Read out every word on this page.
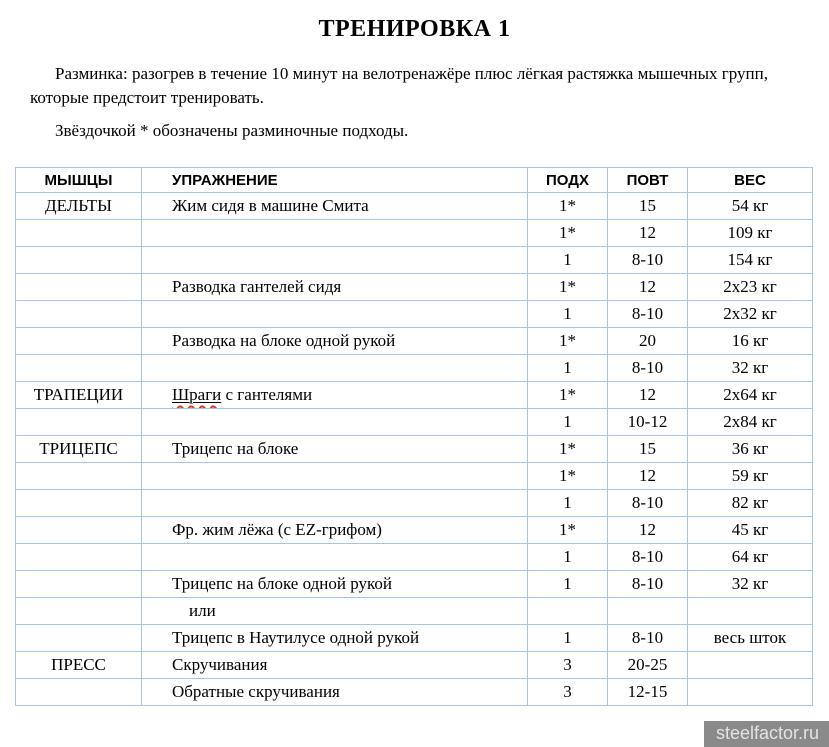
ТРЕНИРОВКА 1

Разминка: разогрев в течение 10 минут на велотренажёре плюс лёгкая растяжка мышечных групп, которые предстоит тренировать.

Звёздочкой * обозначены разминочные подходы.

МЫШЦЫ	УПРАЖНЕНИЕ	ПОДХ	ПОВТ	ВЕС
ДЕЛЬТЫ	Жим сидя в машине Смита	1*	15	54 кг
		1*	12	109 кг
		1	8-10	154 кг
	Разводка гантелей сидя	1*	12	2x23 кг
		1	8-10	2x32 кг
	Разводка на блоке одной рукой	1*	20	16 кг
		1	8-10	32 кг
ТРАПЕЦИИ	Шраги с гантелями	1*	12	2x64 кг
		1	10-12	2x84 кг
ТРИЦЕПС	Трицепс на блоке	1*	15	36 кг
		1*	12	59 кг
		1	8-10	82 кг
	Фр. жим лёжа (с EZ-грифом)	1*	12	45 кг
		1	8-10	64 кг
	Трицепс на блоке одной рукой	1	8-10	32 кг
	или			
	Трицепс в Наутилусе одной рукой	1	8-10	весь шток
ПРЕСС	Скручивания	3	20-25	
	Обратные скручивания	3	12-15	
steelfactor.ru
